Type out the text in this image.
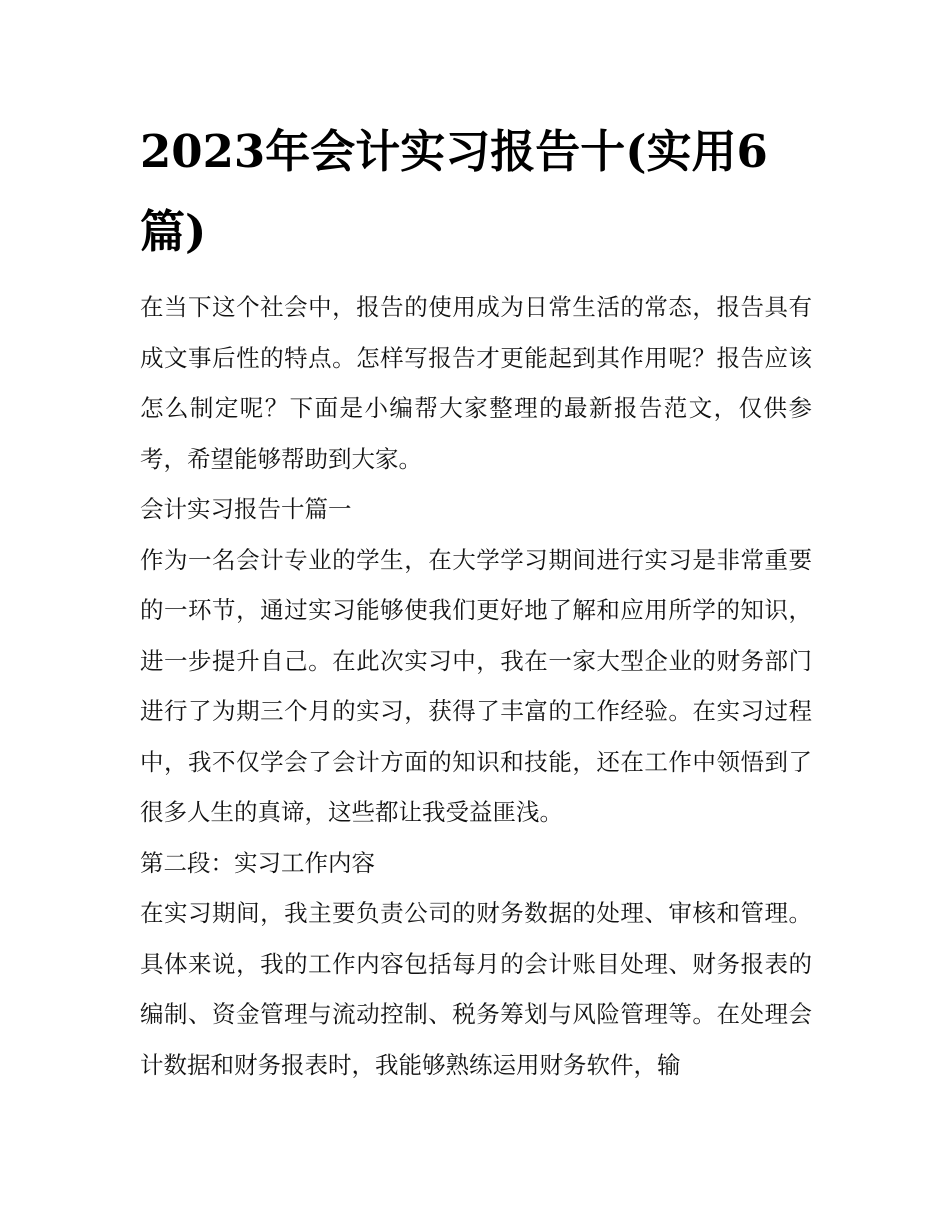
2023年会计实习报告十(实用6篇)

在当下这个社会中，报告的使用成为日常生活的常态，报告具有成文事后性的特点。怎样写报告才更能起到其作用呢？报告应该怎么制定呢？下面是小编帮大家整理的最新报告范文，仅供参考，希望能够帮助到大家。

会计实习报告十篇一

作为一名会计专业的学生，在大学学习期间进行实习是非常重要的一环节，通过实习能够使我们更好地了解和应用所学的知识，进一步提升自己。在此次实习中，我在一家大型企业的财务部门进行了为期三个月的实习，获得了丰富的工作经验。在实习过程中，我不仅学会了会计方面的知识和技能，还在工作中领悟到了很多人生的真谛，这些都让我受益匪浅。

第二段：实习工作内容

在实习期间，我主要负责公司的财务数据的处理、审核和管理。具体来说，我的工作内容包括每月的会计账目处理、财务报表的编制、资金管理与流动控制、税务筹划与风险管理等。在处理会计数据和财务报表时，我能够熟练运用财务软件，输
